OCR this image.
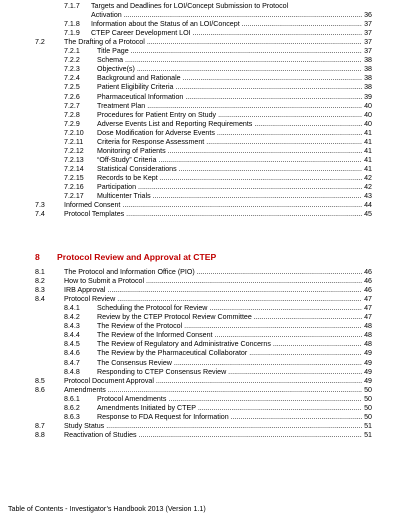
7.1.7 Targets and Deadlines for LOI/Concept Submission to Protocol
Activation .....	36
7.1.8 Information about the Status of an LOI/Concept .....	37
7.1.9 CTEP Career Development LOI .....	37
7.2	The Drafting of a Protocol .....	37
7.2.1 Title Page .....	37
7.2.2 Schema .....	38
7.2.3 Objective(s) .....	38
7.2.4 Background and Rationale .....	38
7.2.5 Patient Eligibility Criteria .....	38
7.2.6 Pharmaceutical Information .....	39
7.2.7 Treatment Plan .....	40
7.2.8 Procedures for Patient Entry on Study .....	40
7.2.9 Adverse Events List and Reporting Requirements .....	40
7.2.10 Dose Modification for Adverse Events .....	41
7.2.11 Criteria for Response Assessment .....	41
7.2.12 Monitoring of Patients .....	41
7.2.13 “Off-Study” Criteria .....	41
7.2.14 Statistical Considerations .....	41
7.2.15 Records to be Kept .....	42
7.2.16 Participation .....	42
7.2.17 Multicenter Trials .....	43
7.3	Informed Consent .....	44
7.4	Protocol Templates .....	45
8 Protocol Review and Approval at CTEP
8.1	The Protocol and Information Office (PIO) .....	46
8.2	How to Submit a Protocol .....	46
8.3	IRB Approval .....	46
8.4	Protocol Review .....	47
8.4.1 Scheduling the Protocol for Review .....	47
8.4.2 Review by the CTEP Protocol Review Committee .....	47
8.4.3 The Review of the Protocol .....	48
8.4.4 The Review of the Informed Consent .....	48
8.4.5 The Review of Regulatory and Administrative Concerns .....	48
8.4.6 The Review by the Pharmaceutical Collaborator .....	49
8.4.7 The Consensus Review .....	49
8.4.8 Responding to CTEP Consensus Review .....	49
8.5	Protocol Document Approval .....	49
8.6	Amendments .....	50
8.6.1 Protocol Amendments .....	50
8.6.2 Amendments Initiated by CTEP .....	50
8.6.3 Response to FDA Request for Information .....	50
8.7	Study Status .....	51
8.8	Reactivation of Studies .....	51
Table of Contents - Investigator’s Handbook 2013 (Version 1.1)
